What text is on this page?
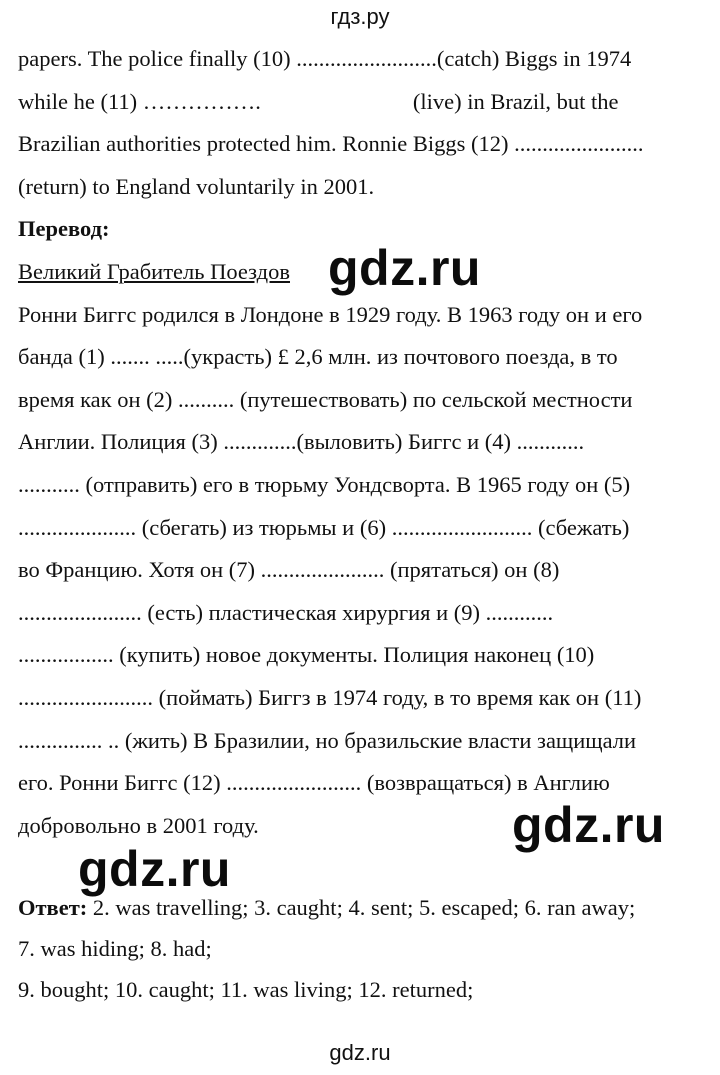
гдз.ру
papers. The police finally (10) .........................(catch) Biggs in 1974
while he (11) …………….	(live) in Brazil, but the
Brazilian authorities protected him. Ronnie Biggs (12) .......................
(return) to England voluntarily in 2001.
Перевод:
Великий Грабитель Поездов
Ронни Биггс родился в Лондоне в 1929 году. В 1963 году он и его
банда (1) ....... .....(украсть) £ 2,6 млн. из почтового поезда, в то
время как он (2) .......... (путешествовать) по сельской местности
Англии. Полиция (3) .............(выловить) Биггс и (4) ............
........... (отправить) его в тюрьму Уондсворта. В 1965 году он (5)
..................... (сбегать) из тюрьмы и (6) ......................... (сбежать)
во Францию. Хотя он (7) ...................... (прятаться) он (8)
...................... (есть) пластическая хирургия и (9) ............
................. (купить) новое документы. Полиция наконец (10)
........................ (поймать) Биггз в 1974 году, в то время как он (11)
............... .. (жить) В Бразилии, но бразильские власти защищали
его. Ронни Биггс (12) ........................ (возвращаться) в Англию
добровольно в 2001 году.
Ответ: 2. was travelling; 3. caught; 4. sent; 5. escaped; 6. ran away;
7. was hiding; 8. had;
9. bought; 10. caught; 11. was living; 12. returned;
gdz.ru
gdz.ru
gdz.ru
gdz.ru
